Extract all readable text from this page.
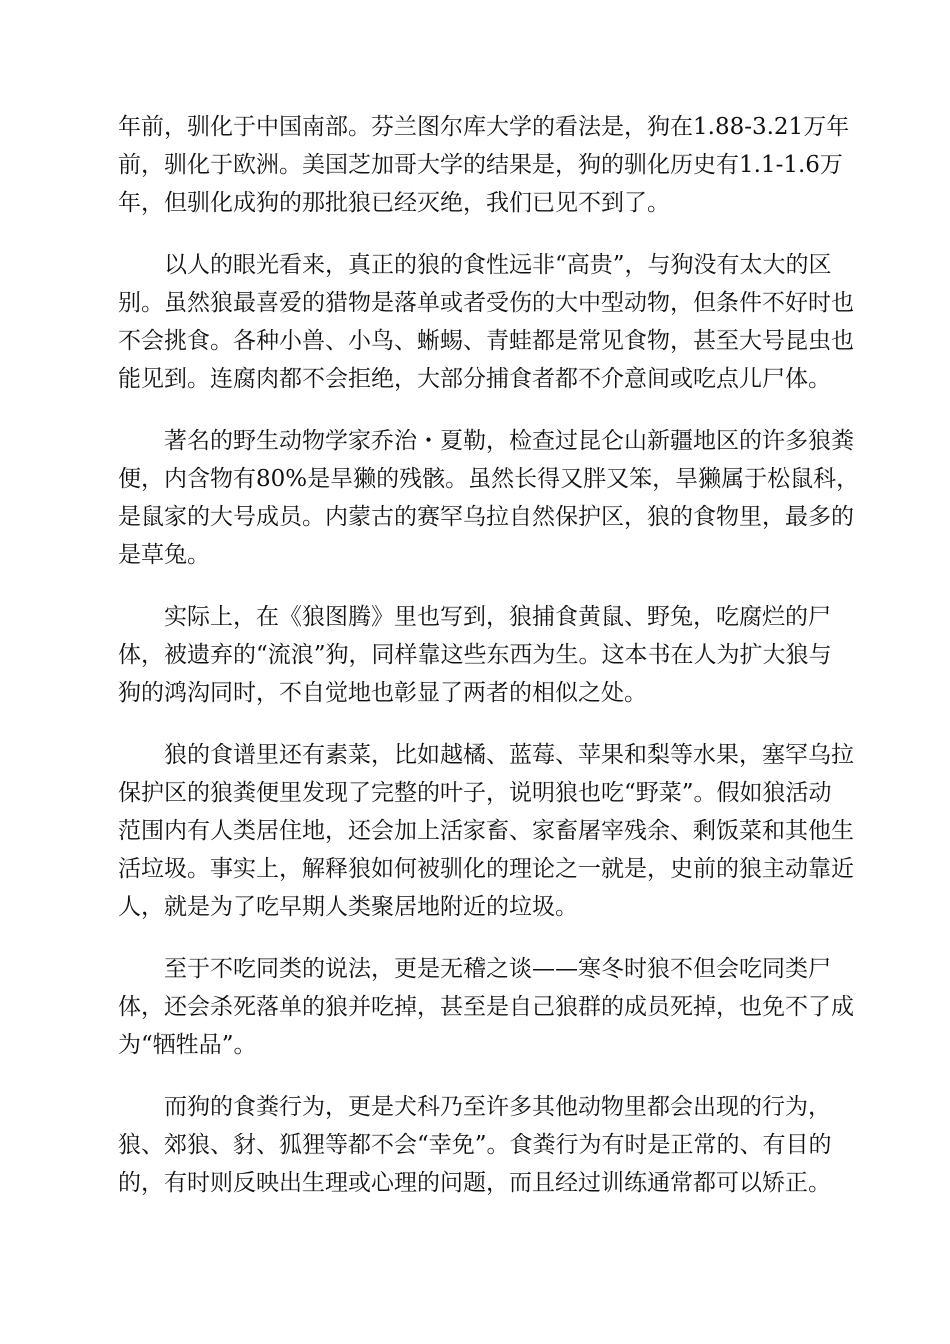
年前，驯化于中国南部。芬兰图尔库大学的看法是，狗在1.88-3.21万年
前，驯化于欧洲。美国芝加哥大学的结果是，狗的驯化历史有1.1-1.6万
年，但驯化成狗的那批狼已经灭绝，我们已见不到了。
以人的眼光看来，真正的狼的食性远非“高贵”，与狗没有太大的区
别。虽然狼最喜爱的猎物是落单或者受伤的大中型动物，但条件不好时也
不会挑食。各种小兽、小鸟、蜥蜴、青蛙都是常见食物，甚至大号昆虫也
能见到。连腐肉都不会拒绝，大部分捕食者都不介意间或吃点儿尸体。
著名的野生动物学家乔治・夏勒，检查过昆仑山新疆地区的许多狼粪
便，内含物有80%是旱獭的残骸。虽然长得又胖又笨，旱獭属于松鼠科，
是鼠家的大号成员。内蒙古的赛罕乌拉自然保护区，狼的食物里，最多的
是草兔。
实际上，在《狼图腾》里也写到，狼捕食黄鼠、野兔，吃腐烂的尸
体，被遗弃的“流浪”狗，同样靠这些东西为生。这本书在人为扩大狼与
狗的鸿沟同时，不自觉地也彰显了两者的相似之处。
狼的食谱里还有素菜，比如越橘、蓝莓、苹果和梨等水果，塞罕乌拉
保护区的狼粪便里发现了完整的叶子，说明狼也吃“野菜”。假如狼活动
范围内有人类居住地，还会加上活家畜、家畜屠宰残余、剩饭菜和其他生
活垃圾。事实上，解释狼如何被驯化的理论之一就是，史前的狼主动靠近
人，就是为了吃早期人类聚居地附近的垃圾。
至于不吃同类的说法，更是无稽之谈——寒冬时狼不但会吃同类尸
体，还会杀死落单的狼并吃掉，甚至是自己狼群的成员死掉，也免不了成
为“牺牲品”。
而狗的食粪行为，更是犬科乃至许多其他动物里都会出现的行为，
狼、郊狼、豺、狐狸等都不会“幸免”。食粪行为有时是正常的、有目的
的，有时则反映出生理或心理的问题，而且经过训练通常都可以矫正。
